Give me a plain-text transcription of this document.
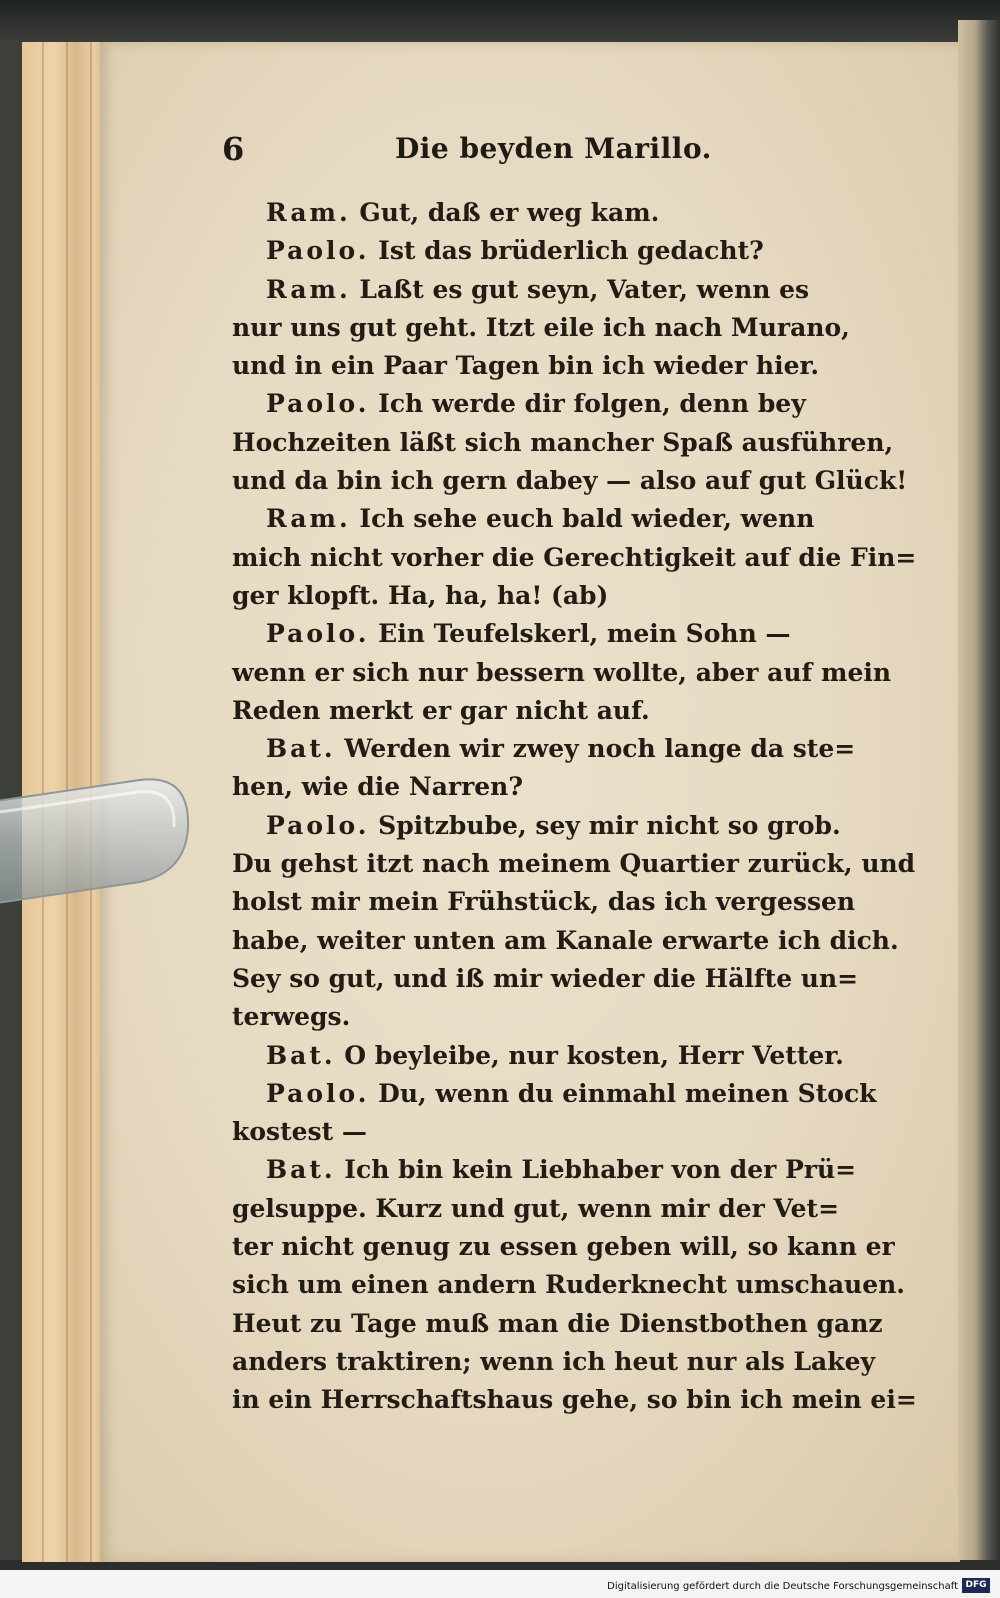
6	Die beyden Marillo.
Ram. Gut, daß er weg kam.
Paolo. Ist das brüderlich gedacht?
Ram. Laßt es gut seyn, Vater, wenn es
nur uns gut geht. Itzt eile ich nach Murano,
und in ein Paar Tagen bin ich wieder hier.
Paolo. Ich werde dir folgen, denn bey
Hochzeiten läßt sich mancher Spaß ausführen,
und da bin ich gern dabey — also auf gut Glück!
Ram. Ich sehe euch bald wieder, wenn
mich nicht vorher die Gerechtigkeit auf die Fin=
ger klopft. Ha, ha, ha! (ab)
Paolo. Ein Teufelskerl, mein Sohn —
wenn er sich nur bessern wollte, aber auf mein
Reden merkt er gar nicht auf.
Bat. Werden wir zwey noch lange da ste=
hen, wie die Narren?
Paolo. Spitzbube, sey mir nicht so grob.
Du gehst itzt nach meinem Quartier zurück, und
holst mir mein Frühstück, das ich vergessen
habe, weiter unten am Kanale erwarte ich dich.
Sey so gut, und iß mir wieder die Hälfte un=
terwegs.
Bat. O beyleibe, nur kosten, Herr Vetter.
Paolo. Du, wenn du einmahl meinen Stock
kostest —
Bat. Ich bin kein Liebhaber von der Prü=
gelsuppe. Kurz und gut, wenn mir der Vet=
ter nicht genug zu essen geben will, so kann er
sich um einen andern Ruderknecht umschauen.
Heut zu Tage muß man die Dienstbothen ganz
anders traktiren; wenn ich heut nur als Lakey
in ein Herrschaftshaus gehe, so bin ich mein ei=
Digitalisierung gefördert durch die Deutsche Forschungsgemeinschaft DFG
